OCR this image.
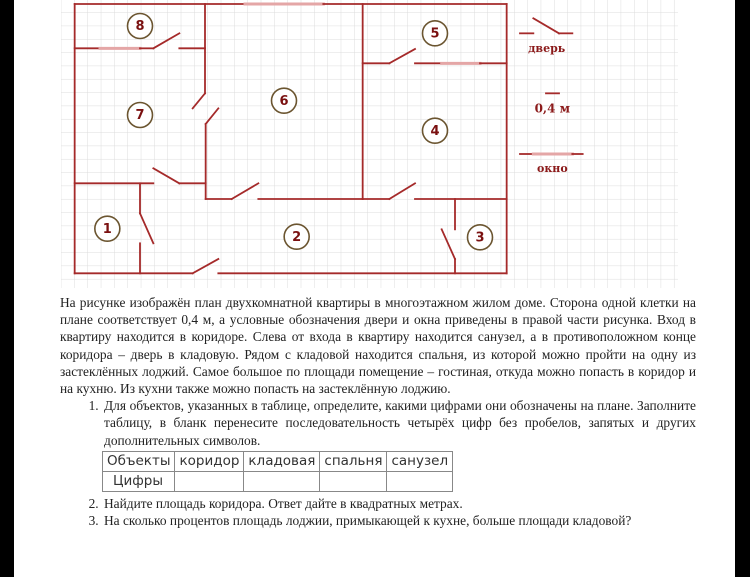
дверь
0,4 м
окно
1
2	3
4
5
6
7
8

На рисунке изображён план двухкомнатной квартиры в многоэтажном жилом доме. Сторона одной клетки на плане соответствует 0,4 м, а условные обозначения двери и окна приведены в правой части рисунка. Вход в квартиру находится в коридоре. Слева от входа в квартиру находится санузел, а в противоположном конце коридора – дверь в кладовую. Рядом с кладовой находится спальня, из которой можно пройти на одну из застеклённых лоджий. Самое большое по площади помещение – гостиная, откуда можно попасть в коридор и на кухню. Из кухни также можно попасть на застеклённую лоджию.

1. Для объектов, указанных в таблице, определите, какими цифрами они обозначены на плане. Заполните таблицу, в бланк перенесите последовательность четырёх цифр без пробелов, запятых и других дополнительных символов.
Объекты	коридор	кладовая	спальня	санузел
Цифры				
2. Найдите площадь коридора. Ответ дайте в квадратных метрах.
3. На сколько процентов площадь лоджии, примыкающей к кухне, больше площади кладовой?
